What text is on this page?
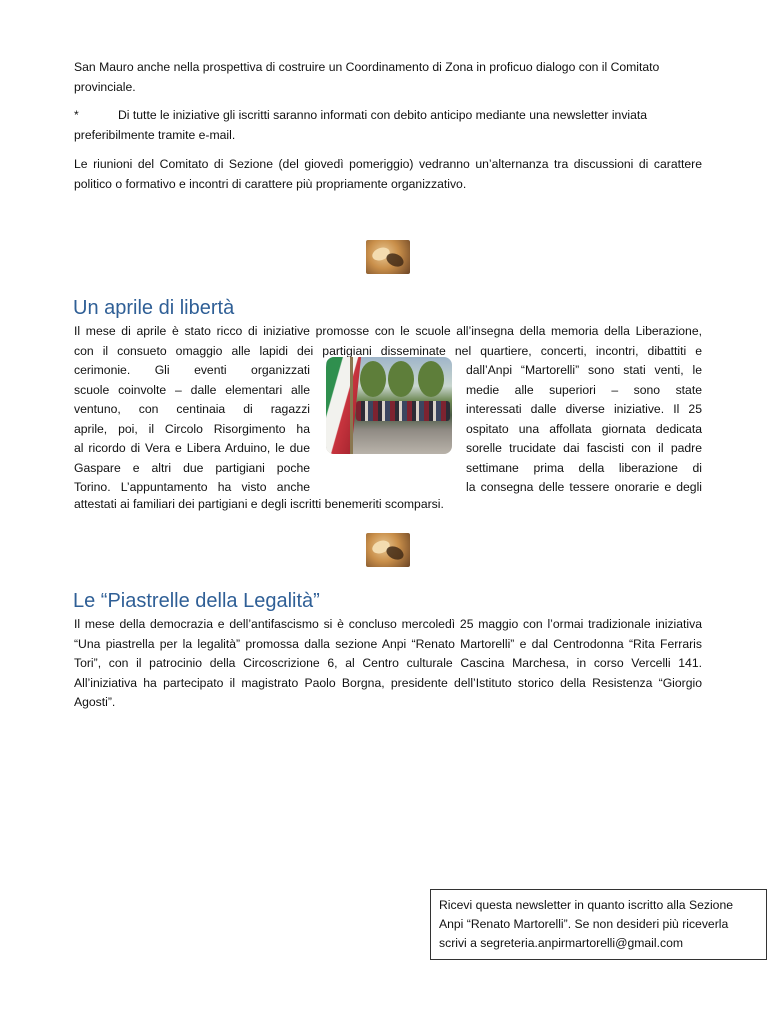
San Mauro anche nella prospettiva di costruire un Coordinamento di Zona in proficuo dialogo con il Comitato provinciale.

*	Di tutte le iniziative gli iscritti saranno informati con debito anticipo mediante una newsletter inviata preferibilmente tramite e-mail.

Le riunioni del Comitato di Sezione (del giovedì pomeriggio) vedranno un’alternanza tra discussioni di carattere politico o formativo e incontri di carattere più propriamente organizzativo.

Un aprile di libertà
Il mese di aprile è stato ricco di iniziative promosse con le scuole all’insegna della memoria della Liberazione,
con il consueto omaggio alle lapidi dei partigiani disseminate nel quartiere, concerti, incontri, dibattiti e
cerimonie. Gli eventi organizzati
scuole coinvolte – dalle elementari alle
ventuno, con centinaia di ragazzi
aprile, poi, il Circolo Risorgimento ha
al ricordo di Vera e Libera Arduino, le due
Gaspare e altri due partigiani poche
Torino. L’appuntamento ha visto anche
dall’Anpi “Martorelli” sono stati venti, le
medie alle superiori – sono state
interessati dalle diverse iniziative. Il 25
ospitato una affollata giornata dedicata
sorelle trucidate dai fascisti con il padre
settimane prima della liberazione di
la consegna delle tessere onorarie e degli

attestati ai familiari dei partigiani e degli iscritti benemeriti scomparsi.

Le “Piastrelle della Legalità”

Il mese della democrazia e dell’antifascismo si è concluso mercoledì 25 maggio con l’ormai tradizionale iniziativa “Una piastrella per la legalità” promossa dalla sezione Anpi “Renato Martorelli” e dal Centrodonna “Rita Ferraris Tori”, con il patrocinio della Circoscrizione 6, al Centro culturale Cascina Marchesa, in corso Vercelli 141. All’iniziativa ha partecipato il magistrato Paolo Borgna, presidente dell’Istituto storico della Resistenza “Giorgio Agosti”.

Ricevi questa newsletter in quanto iscritto alla Sezione
Anpi “Renato Martorelli”. Se non desideri più riceverla
scrivi a segreteria.anpirmartorelli@gmail.com
